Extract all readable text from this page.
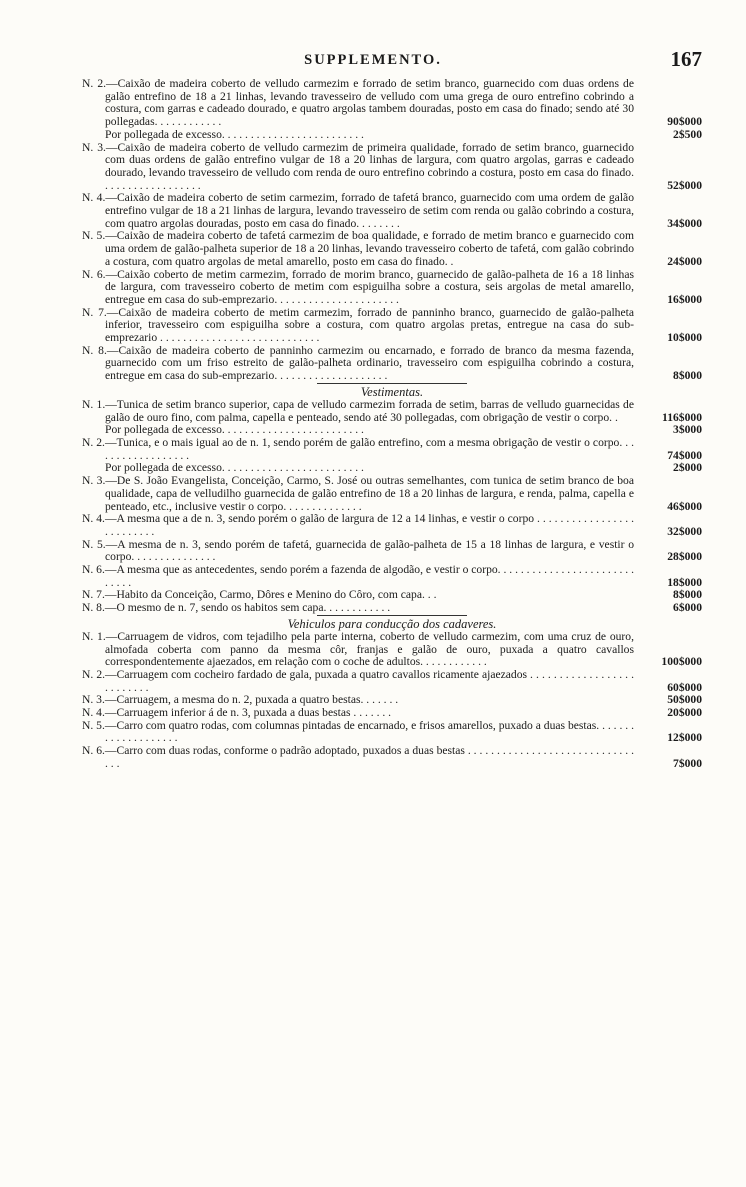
SUPPLEMENTO.	167
N. 2.—Caixão de madeira coberto de velludo carmezim e forrado de setim branco, guarnecido com duas ordens de galão entrefino de 18 a 21 linhas, levando travesseiro de velludo com uma grega de ouro entrefino cobrindo a costura, com garras e cadeado dourado, e quatro argolas tambem douradas, posto em casa do finado; sendo até 30 pollegadas. . . . . . . . . . . .	90$000
Por pollegada de excesso. . . . . . . . . . . . . . . . . . . . . . . . .	2$500
N. 3.—Caixão de madeira coberto de velludo carmezim de primeira qualidade, forrado de setim branco, guarnecido com duas ordens de galão entrefino vulgar de 18 a 20 linhas de largura, com quatro argolas, garras e cadeado dourado, levando travesseiro de velludo com renda de ouro entrefino cobrindo a costura, posto em casa do finado. . . . . . . . . . . . . . . . . .	52$000
N. 4.—Caixão de madeira coberto de setim carmezim, forrado de tafetá branco, guarnecido com uma ordem de galão entrefino vulgar de 18 a 21 linhas de largura, levando travesseiro de setim com renda ou galão cobrindo a costura, com quatro argolas douradas, posto em casa do finado. . . . . . . .	34$000
N. 5.—Caixão de madeira coberto de tafetá carmezim de boa qualidade, e forrado de metim branco e guarnecido com uma ordem de galão-palheta superior de 18 a 20 linhas, levando travesseiro coberto de tafetá, com galão cobrindo a costura, com quatro argolas de metal amarello, posto em casa do finado. .	24$000
N. 6.—Caixão coberto de metim carmezim, forrado de morim branco, guarnecido de galão-palheta de 16 a 18 linhas de largura, com travesseiro coberto de metim com espiguilha sobre a costura, seis argolas de metal amarello, entregue em casa do sub-emprezario. . . . . . . . . . . . . . . . . . . . . .	16$000
N. 7.—Caixão de madeira coberto de metim carmezim, forrado de panninho branco, guarnecido de galão-palheta inferior, travesseiro com espiguilha sobre a costura, com quatro argolas pretas, entregue na casa do sub-emprezario . . . . . . . . . . . . . . . . . . . . . . . . . . . .	10$000
N. 8.—Caixão de madeira coberto de panninho carmezim ou encarnado, e forrado de branco da mesma fazenda, guarnecido com um friso estreito de galão-palheta ordinario, travesseiro com espiguilha cobrindo a costura, entregue em casa do sub-emprezario. . . . . . . . . . . . . . . . . . . .	8$000
Vestimentas.
N. 1.—Tunica de setim branco superior, capa de velludo carmezim forrada de setim, barras de velludo guarnecidas de galão de ouro fino, com palma, capella e penteado, sendo até 30 pollegadas, com obrigação de vestir o corpo. .	116$000
Por pollegada de excesso. . . . . . . . . . . . . . . . . . . . . . . . .	3$000
N. 2.—Tunica, e o mais igual ao de n. 1, sendo porém de galão entrefino, com a mesma obrigação de vestir o corpo. . . . . . . . . . . . . . . . . .	74$000
Por pollegada de excesso. . . . . . . . . . . . . . . . . . . . . . . . .	2$000
N. 3.—De S. João Evangelista, Conceição, Carmo, S. José ou outras semelhantes, com tunica de setim branco de boa qualidade, capa de velludilho guarnecida de galão entrefino de 18 a 20 linhas de largura, e renda, palma, capella e penteado, etc., inclusive vestir o corpo. . . . . . . . . . . . . .	46$000
N. 4.—A mesma que a de n. 3, sendo porém o galão de largura de 12 a 14 linhas, e vestir o corpo . . . . . . . . . . . . . . . . . . . . . . . . . .	32$000
N. 5.—A mesma de n. 3, sendo porém de tafetá, guarnecida de galão-palheta de 15 a 18 linhas de largura, e vestir o corpo. . . . . . . . . . . . . . .	28$000
N. 6.—A mesma que as antecedentes, sendo porém a fazenda de algodão, e vestir o corpo. . . . . . . . . . . . . . . . . . . . . . . . . . . . .	18$000
N. 7.—Habito da Conceição, Carmo, Dôres e Menino do Côro, com capa. . .	8$000
N. 8.—O mesmo de n. 7, sendo os habitos sem capa. . . . . . . . . . . .	6$000
Vehiculos para conducção dos cadaveres.
N. 1.—Carruagem de vidros, com tejadilho pela parte interna, coberto de velludo carmezim, com uma cruz de ouro, almofada coberta com panno da mesma côr, franjas e galão de ouro, puxada a quatro cavallos correspondentemente ajaezados, em relação com o coche de adultos. . . . . . . . . . . .	100$000
N. 2.—Carruagem com cocheiro fardado de gala, puxada a quatro cavallos ricamente ajaezados . . . . . . . . . . . . . . . . . . . . . . . . . .	60$000
N. 3.—Carruagem, a mesma do n. 2, puxada a quatro bestas. . . . . . .	50$000
N. 4.—Carruagem inferior á de n. 3, puxada a duas bestas . . . . . . .	20$000
N. 5.—Carro com quatro rodas, com columnas pintadas de encarnado, e frisos amarellos, puxado a duas bestas. . . . . . . . . . . . . . . . . . . .	12$000
N. 6.—Carro com duas rodas, conforme o padrão adoptado, puxados a duas bestas . . . . . . . . . . . . . . . . . . . . . . . . . . . . . . . .	7$000
